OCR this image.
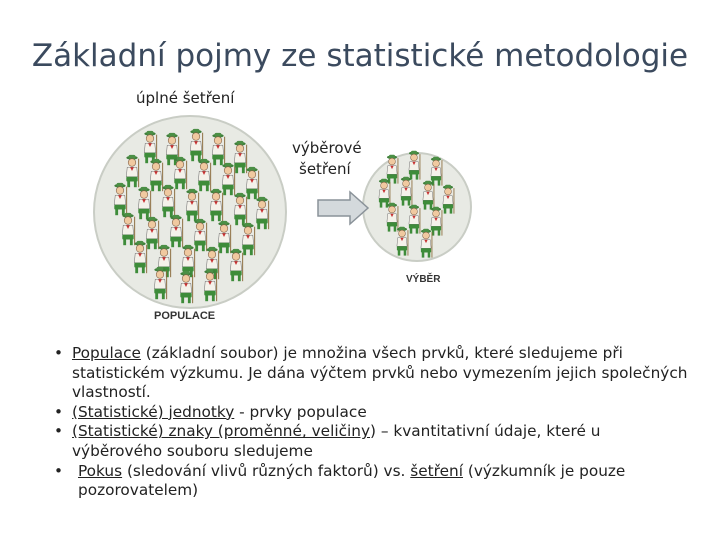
Základní pojmy ze statistické metodologie
POPULACE
VÝBĚR
úplné šetření
výběrové
šetření
• Populace (základní soubor) je množina všech prvků, které sledujeme při statistickém výzkumu. Je dána výčtem prvků nebo vymezením jejich společných vlastností.
• (Statistické) jednotky - prvky populace
• (Statistické) znaky (proměnné, veličiny) – kvantitativní údaje, které u výběrového souboru sledujeme
• Pokus (sledování vlivů různých faktorů) vs. šetření (výzkumník je pouze pozorovatelem)
